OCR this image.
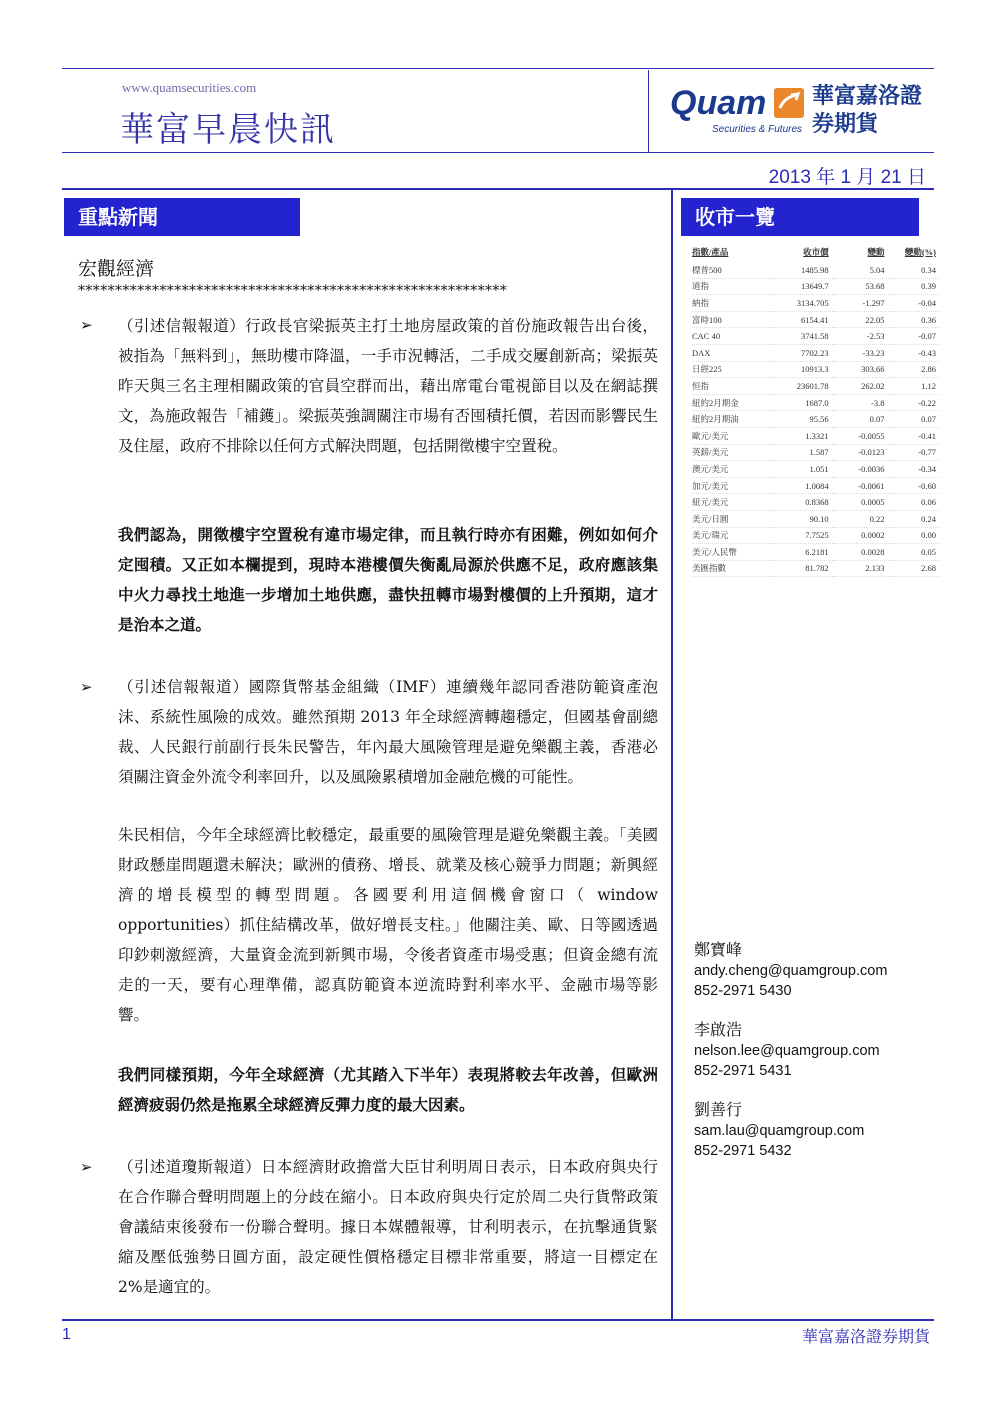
www.quamsecurities.com
華富早晨快訊
Quam 華富嘉洛證券期貨
Securities & Futures
2013 年 1 月 21 日
重點新聞
宏觀經濟
**********************************************************
➢ （引述信報報道）行政長官梁振英主打土地房屋政策的首份施政報告出台後，被指為「無料到」，無助樓市降溫，一手市況轉活，二手成交屢創新高；梁振英昨天與三名主理相關政策的官員空群而出，藉出席電台電視節目以及在網誌撰文，為施政報告「補鑊」。梁振英強調關注市場有否囤積托價，若因而影響民生及住屋，政府不排除以任何方式解決問題，包括開徵樓宇空置稅。
我們認為，開徵樓宇空置稅有違市場定律，而且執行時亦有困難，例如如何介定囤積。又正如本欄提到，現時本港樓價失衡亂局源於供應不足，政府應該集中火力尋找土地進一步增加土地供應，盡快扭轉市場對樓價的上升預期，這才是治本之道。
➢ （引述信報報道）國際貨幣基金組織（IMF）連續幾年認同香港防範資產泡沫、系統性風險的成效。雖然預期 2013 年全球經濟轉趨穩定，但國基會副總裁、人民銀行前副行長朱民警告，年內最大風險管理是避免樂觀主義，香港必須關注資金外流令利率回升，以及風險累積增加金融危機的可能性。
朱民相信，今年全球經濟比較穩定，最重要的風險管理是避免樂觀主義。「美國財政懸崖問題還未解決；歐洲的債務、增長、就業及核心競爭力問題；新興經濟的增長模型的轉型問題。各國要利用這個機會窗口（ window opportunities）抓住結構改革，做好增長支柱。」他關注美、歐、日等國透過印鈔刺激經濟，大量資金流到新興市場，令後者資產市場受惠；但資金總有流走的一天，要有心理準備，認真防範資本逆流時對利率水平、金融市場等影響。
我們同樣預期，今年全球經濟（尤其踏入下半年）表現將較去年改善，但歐洲經濟疲弱仍然是拖累全球經濟反彈力度的最大因素。
➢ （引述道瓊斯報道）日本經濟財政擔當大臣甘利明周日表示，日本政府與央行在合作聯合聲明問題上的分歧在縮小。日本政府與央行定於周二央行貨幣政策會議結束後發布一份聯合聲明。據日本媒體報導，甘利明表示，在抗擊通貨緊縮及壓低強勢日圓方面，設定硬性價格穩定目標非常重要，將這一目標定在 2%是適宜的。
收市一覽
指數/產品	收市價	變動	變動(%)
標普500	1485.98	5.04	0.34
道指	13649.7	53.68	0.39
納指	3134.705	-1.297	-0.04
富時100	6154.41	22.05	0.36
CAC 40	3741.58	-2.53	-0.07
DAX	7702.23	-33.23	-0.43
日經225	10913.3	303.66	2.86
恒指	23601.78	262.02	1.12
紐約2月期金	1687.0	-3.8	-0.22
紐約2月期油	95.56	0.07	0.07
歐元/美元	1.3321	-0.0055	-0.41
英鎊/美元	1.587	-0.0123	-0.77
澳元/美元	1.051	-0.0036	-0.34
加元/美元	1.0084	-0.0061	-0.60
紐元/美元	0.8368	0.0005	0.06
美元/日圓	90.10	0.22	0.24
美元/瑞元	7.7525	0.0002	0.00
美元/人民幣	6.2181	0.0028	0.05
美匯指數	81.782	2.133	2.68
鄭寶峰
andy.cheng@quamgroup.com
852-2971 5430
李啟浩
nelson.lee@quamgroup.com
852-2971 5431
劉善行
sam.lau@quamgroup.com
852-2971 5432
1	華富嘉洛證券期貨
